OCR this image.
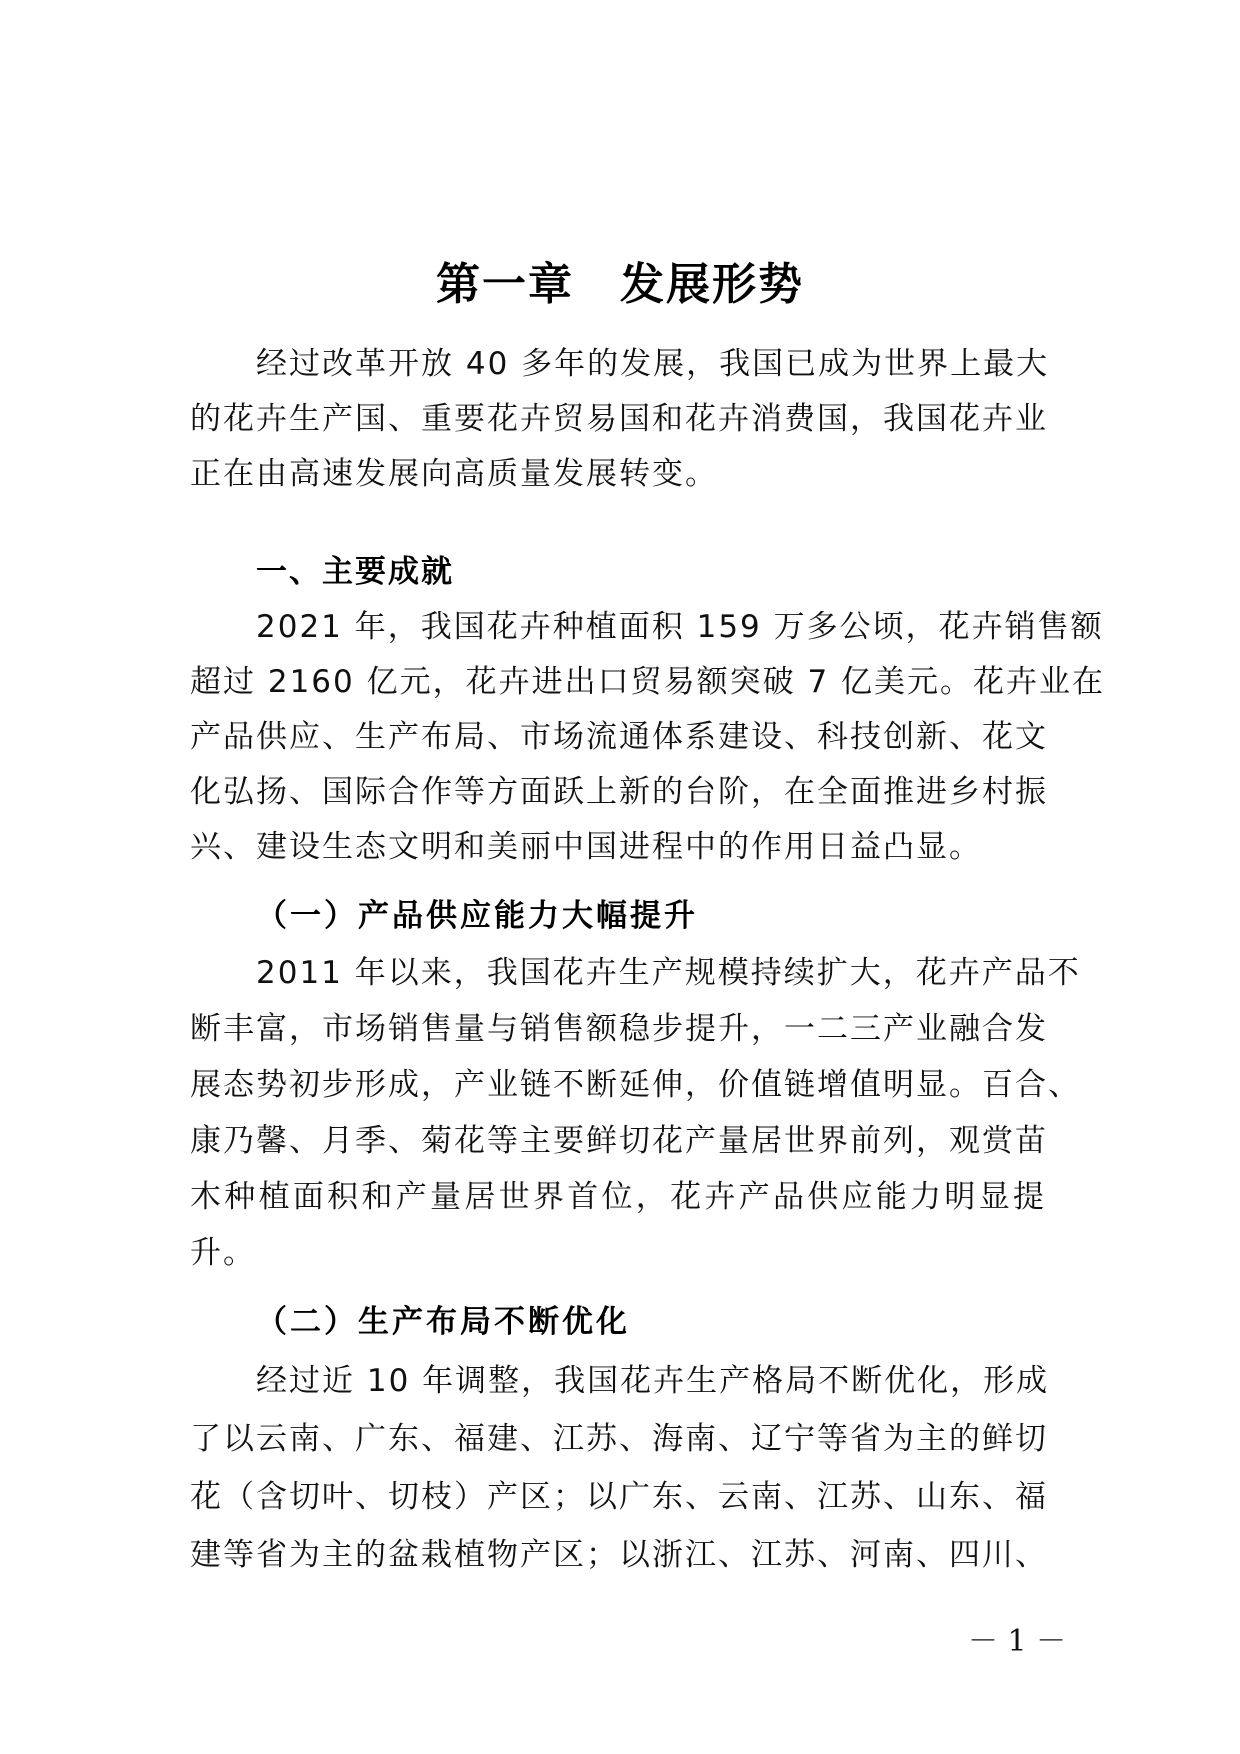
第一章　发展形势
经过改革开放 40 多年的发展，我国已成为世界上最大
的花卉生产国、重要花卉贸易国和花卉消费国，我国花卉业
正在由高速发展向高质量发展转变。
一、主要成就
2021 年，我国花卉种植面积 159 万多公顷，花卉销售额
超过 2160 亿元，花卉进出口贸易额突破 7 亿美元。花卉业在
产品供应、生产布局、市场流通体系建设、科技创新、花文
化弘扬、国际合作等方面跃上新的台阶，在全面推进乡村振
兴、建设生态文明和美丽中国进程中的作用日益凸显。
（一）产品供应能力大幅提升
2011 年以来，我国花卉生产规模持续扩大，花卉产品不
断丰富，市场销售量与销售额稳步提升，一二三产业融合发
展态势初步形成，产业链不断延伸，价值链增值明显。百合、
康乃馨、月季、菊花等主要鲜切花产量居世界前列，观赏苗
木种植面积和产量居世界首位，花卉产品供应能力明显提
升。
（二）生产布局不断优化
经过近 10 年调整，我国花卉生产格局不断优化，形成
了以云南、广东、福建、江苏、海南、辽宁等省为主的鲜切
花（含切叶、切枝）产区；以广东、云南、江苏、山东、福
建等省为主的盆栽植物产区；以浙江、江苏、河南、四川、
－ 1 －
